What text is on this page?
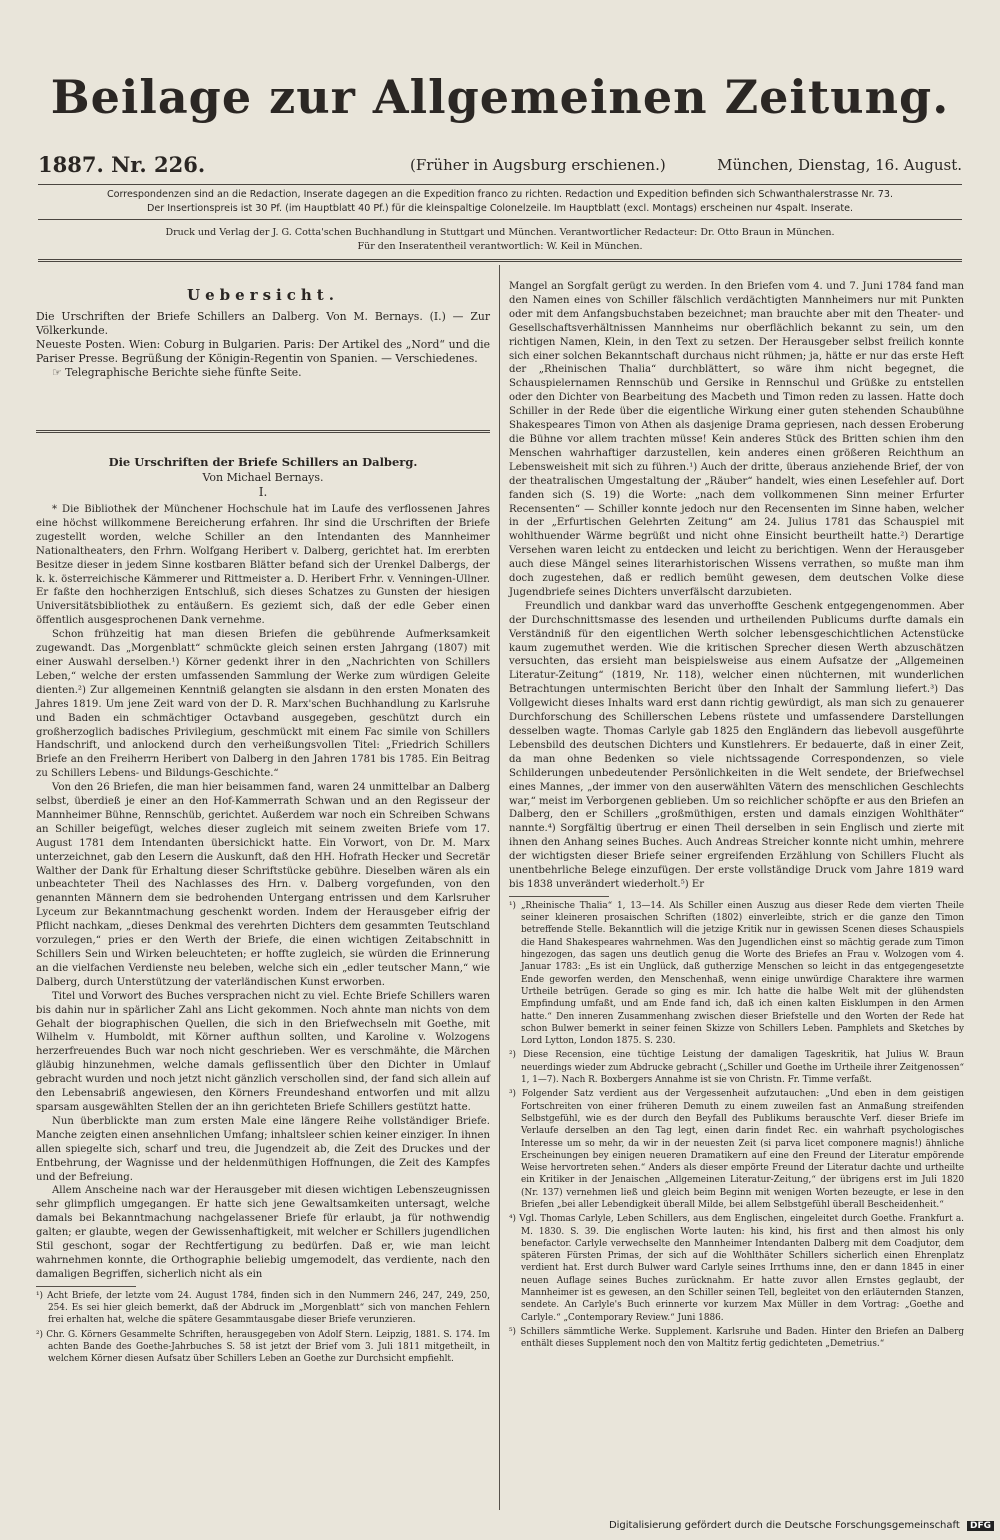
Beilage zur Allgemeinen Zeitung.
1887. Nr. 226.	(Früher in Augsburg erschienen.)	München, Dienstag, 16. August.
Correspondenzen sind an die Redaction, Inserate dagegen an die Expedition franco zu richten. Redaction und Expedition befinden sich Schwanthalerstrasse Nr. 73.
Der Insertionspreis ist 30 Pf. (im Hauptblatt 40 Pf.) für die kleinspaltige Colonelzeile. Im Hauptblatt (excl. Montags) erscheinen nur 4spalt. Inserate.
Druck und Verlag der J. G. Cotta'schen Buchhandlung in Stuttgart und München. Verantwortlicher Redacteur: Dr. Otto Braun in München.
Für den Inseratentheil verantwortlich: W. Keil in München.
Uebersicht.

Die Urschriften der Briefe Schillers an Dalberg. Von M. Bernays. (I.) — Zur Völkerkunde.

Neueste Posten. Wien: Coburg in Bulgarien. Paris: Der Artikel des „Nord“ und die Pariser Presse. Begrüßung der Königin-Regentin von Spanien. — Verschiedenes.

☞ Telegraphische Berichte siehe fünfte Seite.

Die Urschriften der Briefe Schillers an Dalberg.
Von Michael Bernays.
I.

* Die Bibliothek der Münchener Hochschule hat im Laufe des verflossenen Jahres eine höchst willkommene Bereicherung erfahren. Ihr sind die Urschriften der Briefe zugestellt worden, welche Schiller an den Intendanten des Mannheimer Nationaltheaters, den Frhrn. Wolfgang Heribert v. Dalberg, gerichtet hat. Im ererbten Besitze dieser in jedem Sinne kostbaren Blätter befand sich der Urenkel Dalbergs, der k. k. österreichische Kämmerer und Rittmeister a. D. Heribert Frhr. v. Venningen-Ullner. Er faßte den hochherzigen Entschluß, sich dieses Schatzes zu Gunsten der hiesigen Universitätsbibliothek zu entäußern. Es geziemt sich, daß der edle Geber einen öffentlich ausgesprochenen Dank vernehme.

Schon frühzeitig hat man diesen Briefen die gebührende Aufmerksamkeit zugewandt. Das „Morgenblatt“ schmückte gleich seinen ersten Jahrgang (1807) mit einer Auswahl derselben.¹) Körner gedenkt ihrer in den „Nachrichten von Schillers Leben,“ welche der ersten umfassenden Sammlung der Werke zum würdigen Geleite dienten.²) Zur allgemeinen Kenntniß gelangten sie alsdann in den ersten Monaten des Jahres 1819. Um jene Zeit ward von der D. R. Marx'schen Buchhandlung zu Karlsruhe und Baden ein schmächtiger Octavband ausgegeben, geschützt durch ein großherzoglich badisches Privilegium, geschmückt mit einem Fac simile von Schillers Handschrift, und anlockend durch den verheißungsvollen Titel: „Friedrich Schillers Briefe an den Freiherrn Heribert von Dalberg in den Jahren 1781 bis 1785. Ein Beitrag zu Schillers Lebens- und Bildungs-Geschichte.“

Von den 26 Briefen, die man hier beisammen fand, waren 24 unmittelbar an Dalberg selbst, überdieß je einer an den Hof-Kammerrath Schwan und an den Regisseur der Mannheimer Bühne, Rennschüb, gerichtet. Außerdem war noch ein Schreiben Schwans an Schiller beigefügt, welches dieser zugleich mit seinem zweiten Briefe vom 17. August 1781 dem Intendanten übersichickt hatte. Ein Vorwort, von Dr. M. Marx unterzeichnet, gab den Lesern die Auskunft, daß den HH. Hofrath Hecker und Secretär Walther der Dank für Erhaltung dieser Schriftstücke gebühre. Dieselben wären als ein unbeachteter Theil des Nachlasses des Hrn. v. Dalberg vorgefunden, von den genannten Männern dem sie bedrohenden Untergang entrissen und dem Karlsruher Lyceum zur Bekanntmachung geschenkt worden. Indem der Herausgeber eifrig der Pflicht nachkam, „dieses Denkmal des verehrten Dichters dem gesammten Teutschland vorzulegen,“ pries er den Werth der Briefe, die einen wichtigen Zeitabschnitt in Schillers Sein und Wirken beleuchteten; er hoffte zugleich, sie würden die Erinnerung an die vielfachen Verdienste neu beleben, welche sich ein „edler teutscher Mann,“ wie Dalberg, durch Unterstützung der vaterländischen Kunst erworben.

Titel und Vorwort des Buches versprachen nicht zu viel. Echte Briefe Schillers waren bis dahin nur in spärlicher Zahl ans Licht gekommen. Noch ahnte man nichts von dem Gehalt der biographischen Quellen, die sich in den Briefwechseln mit Goethe, mit Wilhelm v. Humboldt, mit Körner aufthun sollten, und Karoline v. Wolzogens herzerfreuendes Buch war noch nicht geschrieben. Wer es verschmähte, die Märchen gläubig hinzunehmen, welche damals geflissentlich über den Dichter in Umlauf gebracht wurden und noch jetzt nicht gänzlich verschollen sind, der fand sich allein auf den Lebensabriß angewiesen, den Körners Freundeshand entworfen und mit allzu sparsam ausgewählten Stellen der an ihn gerichteten Briefe Schillers gestützt hatte.

Nun überblickte man zum ersten Male eine längere Reihe vollständiger Briefe. Manche zeigten einen ansehnlichen Umfang; inhaltsleer schien keiner einziger. In ihnen allen spiegelte sich, scharf und treu, die Jugendzeit ab, die Zeit des Druckes und der Entbehrung, der Wagnisse und der heldenmüthigen Hoffnungen, die Zeit des Kampfes und der Befreiung.

Allem Anscheine nach war der Herausgeber mit diesen wichtigen Lebenszeugnissen sehr glimpflich umgegangen. Er hatte sich jene Gewaltsamkeiten untersagt, welche damals bei Bekanntmachung nachgelassener Briefe für erlaubt, ja für nothwendig galten; er glaubte, wegen der Gewissenhaftigkeit, mit welcher er Schillers jugendlichen Stil geschont, sogar der Rechtfertigung zu bedürfen. Daß er, wie man leicht wahrnehmen konnte, die Orthographie beliebig umgemodelt, das verdiente, nach den damaligen Begriffen, sicherlich nicht als ein

¹) Acht Briefe, der letzte vom 24. August 1784, finden sich in den Nummern 246, 247, 249, 250, 254. Es sei hier gleich bemerkt, daß der Abdruck im „Morgenblatt“ sich von manchen Fehlern frei erhalten hat, welche die spätere Gesammtausgabe dieser Briefe verunzieren.

²) Chr. G. Körners Gesammelte Schriften, herausgegeben von Adolf Stern. Leipzig, 1881. S. 174. Im achten Bande des Goethe-Jahrbuches S. 58 ist jetzt der Brief vom 3. Juli 1811 mitgetheilt, in welchem Körner diesen Aufsatz über Schillers Leben an Goethe zur Durchsicht empfiehlt.

Mangel an Sorgfalt gerügt zu werden. In den Briefen vom 4. und 7. Juni 1784 fand man den Namen eines von Schiller fälschlich verdächtigten Mannheimers nur mit Punkten oder mit dem Anfangsbuchstaben bezeichnet; man brauchte aber mit den Theater- und Gesellschaftsverhältnissen Mannheims nur oberflächlich bekannt zu sein, um den richtigen Namen, Klein, in den Text zu setzen. Der Herausgeber selbst freilich konnte sich einer solchen Bekanntschaft durchaus nicht rühmen; ja, hätte er nur das erste Heft der „Rheinischen Thalia“ durchblättert, so wäre ihm nicht begegnet, die Schauspielernamen Rennschüb und Gersike in Rennschul und Grüßke zu entstellen oder den Dichter von Bearbeitung des Macbeth und Timon reden zu lassen. Hatte doch Schiller in der Rede über die eigentliche Wirkung einer guten stehenden Schaubühne Shakespeares Timon von Athen als dasjenige Drama gepriesen, nach dessen Eroberung die Bühne vor allem trachten müsse! Kein anderes Stück des Britten schien ihm den Menschen wahrhaftiger darzustellen, kein anderes einen größeren Reichthum an Lebensweisheit mit sich zu führen.¹) Auch der dritte, überaus anziehende Brief, der von der theatralischen Umgestaltung der „Räuber“ handelt, wies einen Lesefehler auf. Dort fanden sich (S. 19) die Worte: „nach dem vollkommenen Sinn meiner Erfurter Recensenten“ — Schiller konnte jedoch nur den Recensenten im Sinne haben, welcher in der „Erfurtischen Gelehrten Zeitung“ am 24. Julius 1781 das Schauspiel mit wohlthuender Wärme begrüßt und nicht ohne Einsicht beurtheilt hatte.²) Derartige Versehen waren leicht zu entdecken und leicht zu berichtigen. Wenn der Herausgeber auch diese Mängel seines literarhistorischen Wissens verrathen, so mußte man ihm doch zugestehen, daß er redlich bemüht gewesen, dem deutschen Volke diese Jugendbriefe seines Dichters unverfälscht darzubieten.

Freundlich und dankbar ward das unverhoffte Geschenk entgegengenommen. Aber der Durchschnittsmasse des lesenden und urtheilenden Publicums durfte damals ein Verständniß für den eigentlichen Werth solcher lebensgeschichtlichen Actenstücke kaum zugemuthet werden. Wie die kritischen Sprecher diesen Werth abzuschätzen versuchten, das ersieht man beispielsweise aus einem Aufsatze der „Allgemeinen Literatur-Zeitung“ (1819, Nr. 118), welcher einen nüchternen, mit wunderlichen Betrachtungen untermischten Bericht über den Inhalt der Sammlung liefert.³) Das Vollgewicht dieses Inhalts ward erst dann richtig gewürdigt, als man sich zu genauerer Durchforschung des Schillerschen Lebens rüstete und umfassendere Darstellungen desselben wagte. Thomas Carlyle gab 1825 den Engländern das liebevoll ausgeführte Lebensbild des deutschen Dichters und Kunstlehrers. Er bedauerte, daß in einer Zeit, da man ohne Bedenken so viele nichtssagende Correspondenzen, so viele Schilderungen unbedeutender Persönlichkeiten in die Welt sendete, der Briefwechsel eines Mannes, „der immer von den auserwählten Vätern des menschlichen Geschlechts war,“ meist im Verborgenen geblieben. Um so reichlicher schöpfte er aus den Briefen an Dalberg, den er Schillers „großmüthigen, ersten und damals einzigen Wohlthäter“ nannte.⁴) Sorgfältig übertrug er einen Theil derselben in sein Englisch und zierte mit ihnen den Anhang seines Buches. Auch Andreas Streicher konnte nicht umhin, mehrere der wichtigsten dieser Briefe seiner ergreifenden Erzählung von Schillers Flucht als unentbehrliche Belege einzufügen. Der erste vollständige Druck vom Jahre 1819 ward bis 1838 unverändert wiederholt.⁵) Er

¹) „Rheinische Thalia“ 1, 13—14. Als Schiller einen Auszug aus dieser Rede dem vierten Theile seiner kleineren prosaischen Schriften (1802) einverleibte, strich er die ganze den Timon betreffende Stelle. Bekanntlich will die jetzige Kritik nur in gewissen Scenen dieses Schauspiels die Hand Shakespeares wahrnehmen. Was den Jugendlichen einst so mächtig gerade zum Timon hingezogen, das sagen uns deutlich genug die Worte des Briefes an Frau v. Wolzogen vom 4. Januar 1783: „Es ist ein Unglück, daß gutherzige Menschen so leicht in das entgegengesetzte Ende geworfen werden, den Menschenhaß, wenn einige unwürdige Charaktere ihre warmen Urtheile betrügen. Gerade so ging es mir. Ich hatte die halbe Welt mit der glühendsten Empfindung umfaßt, und am Ende fand ich, daß ich einen kalten Eisklumpen in den Armen hatte.“ Den inneren Zusammenhang zwischen dieser Briefstelle und den Worten der Rede hat schon Bulwer bemerkt in seiner feinen Skizze von Schillers Leben. Pamphlets and Sketches by Lord Lytton, London 1875. S. 230.

²) Diese Recension, eine tüchtige Leistung der damaligen Tageskritik, hat Julius W. Braun neuerdings wieder zum Abdrucke gebracht („Schiller und Goethe im Urtheile ihrer Zeitgenossen“ 1, 1—7). Nach R. Boxbergers Annahme ist sie von Christn. Fr. Timme verfaßt.

³) Folgender Satz verdient aus der Vergessenheit aufzutauchen: „Und eben in dem geistigen Fortschreiten von einer früheren Demuth zu einem zuweilen fast an Anmaßung streifenden Selbstgefühl, wie es der durch den Beyfall des Publikums berauschte Verf. dieser Briefe im Verlaufe derselben an den Tag legt, einen darin findet Rec. ein wahrhaft psychologisches Interesse um so mehr, da wir in der neuesten Zeit (si parva licet componere magnis!) ähnliche Erscheinungen bey einigen neueren Dramatikern auf eine den Freund der Literatur empörende Weise hervortreten sehen.“ Anders als dieser empörte Freund der Literatur dachte und urtheilte ein Kritiker in der Jenaischen „Allgemeinen Literatur-Zeitung,“ der übrigens erst im Juli 1820 (Nr. 137) vernehmen ließ und gleich beim Beginn mit wenigen Worten bezeugte, er lese in den Briefen „bei aller Lebendigkeit überall Milde, bei allem Selbstgefühl überall Bescheidenheit.“

⁴) Vgl. Thomas Carlyle, Leben Schillers, aus dem Englischen, eingeleitet durch Goethe. Frankfurt a. M. 1830. S. 39. Die englischen Worte lauten: his kind, his first and then almost his only benefactor. Carlyle verwechselte den Mannheimer Intendanten Dalberg mit dem Coadjutor, dem späteren Fürsten Primas, der sich auf die Wohlthäter Schillers sicherlich einen Ehrenplatz verdient hat. Erst durch Bulwer ward Carlyle seines Irrthums inne, den er dann 1845 in einer neuen Auflage seines Buches zurücknahm. Er hatte zuvor allen Ernstes geglaubt, der Mannheimer ist es gewesen, an den Schiller seinen Tell, begleitet von den erläuternden Stanzen, sendete. An Carlyle's Buch erinnerte vor kurzem Max Müller in dem Vortrag: „Goethe and Carlyle.“ „Contemporary Review.“ Juni 1886.

⁵) Schillers sämmtliche Werke. Supplement. Karlsruhe und Baden. Hinter den Briefen an Dalberg enthält dieses Supplement noch den von Maltitz fertig gedichteten „Demetrius.“

Digitalisierung gefördert durch die Deutsche Forschungsgemeinschaft DFG
